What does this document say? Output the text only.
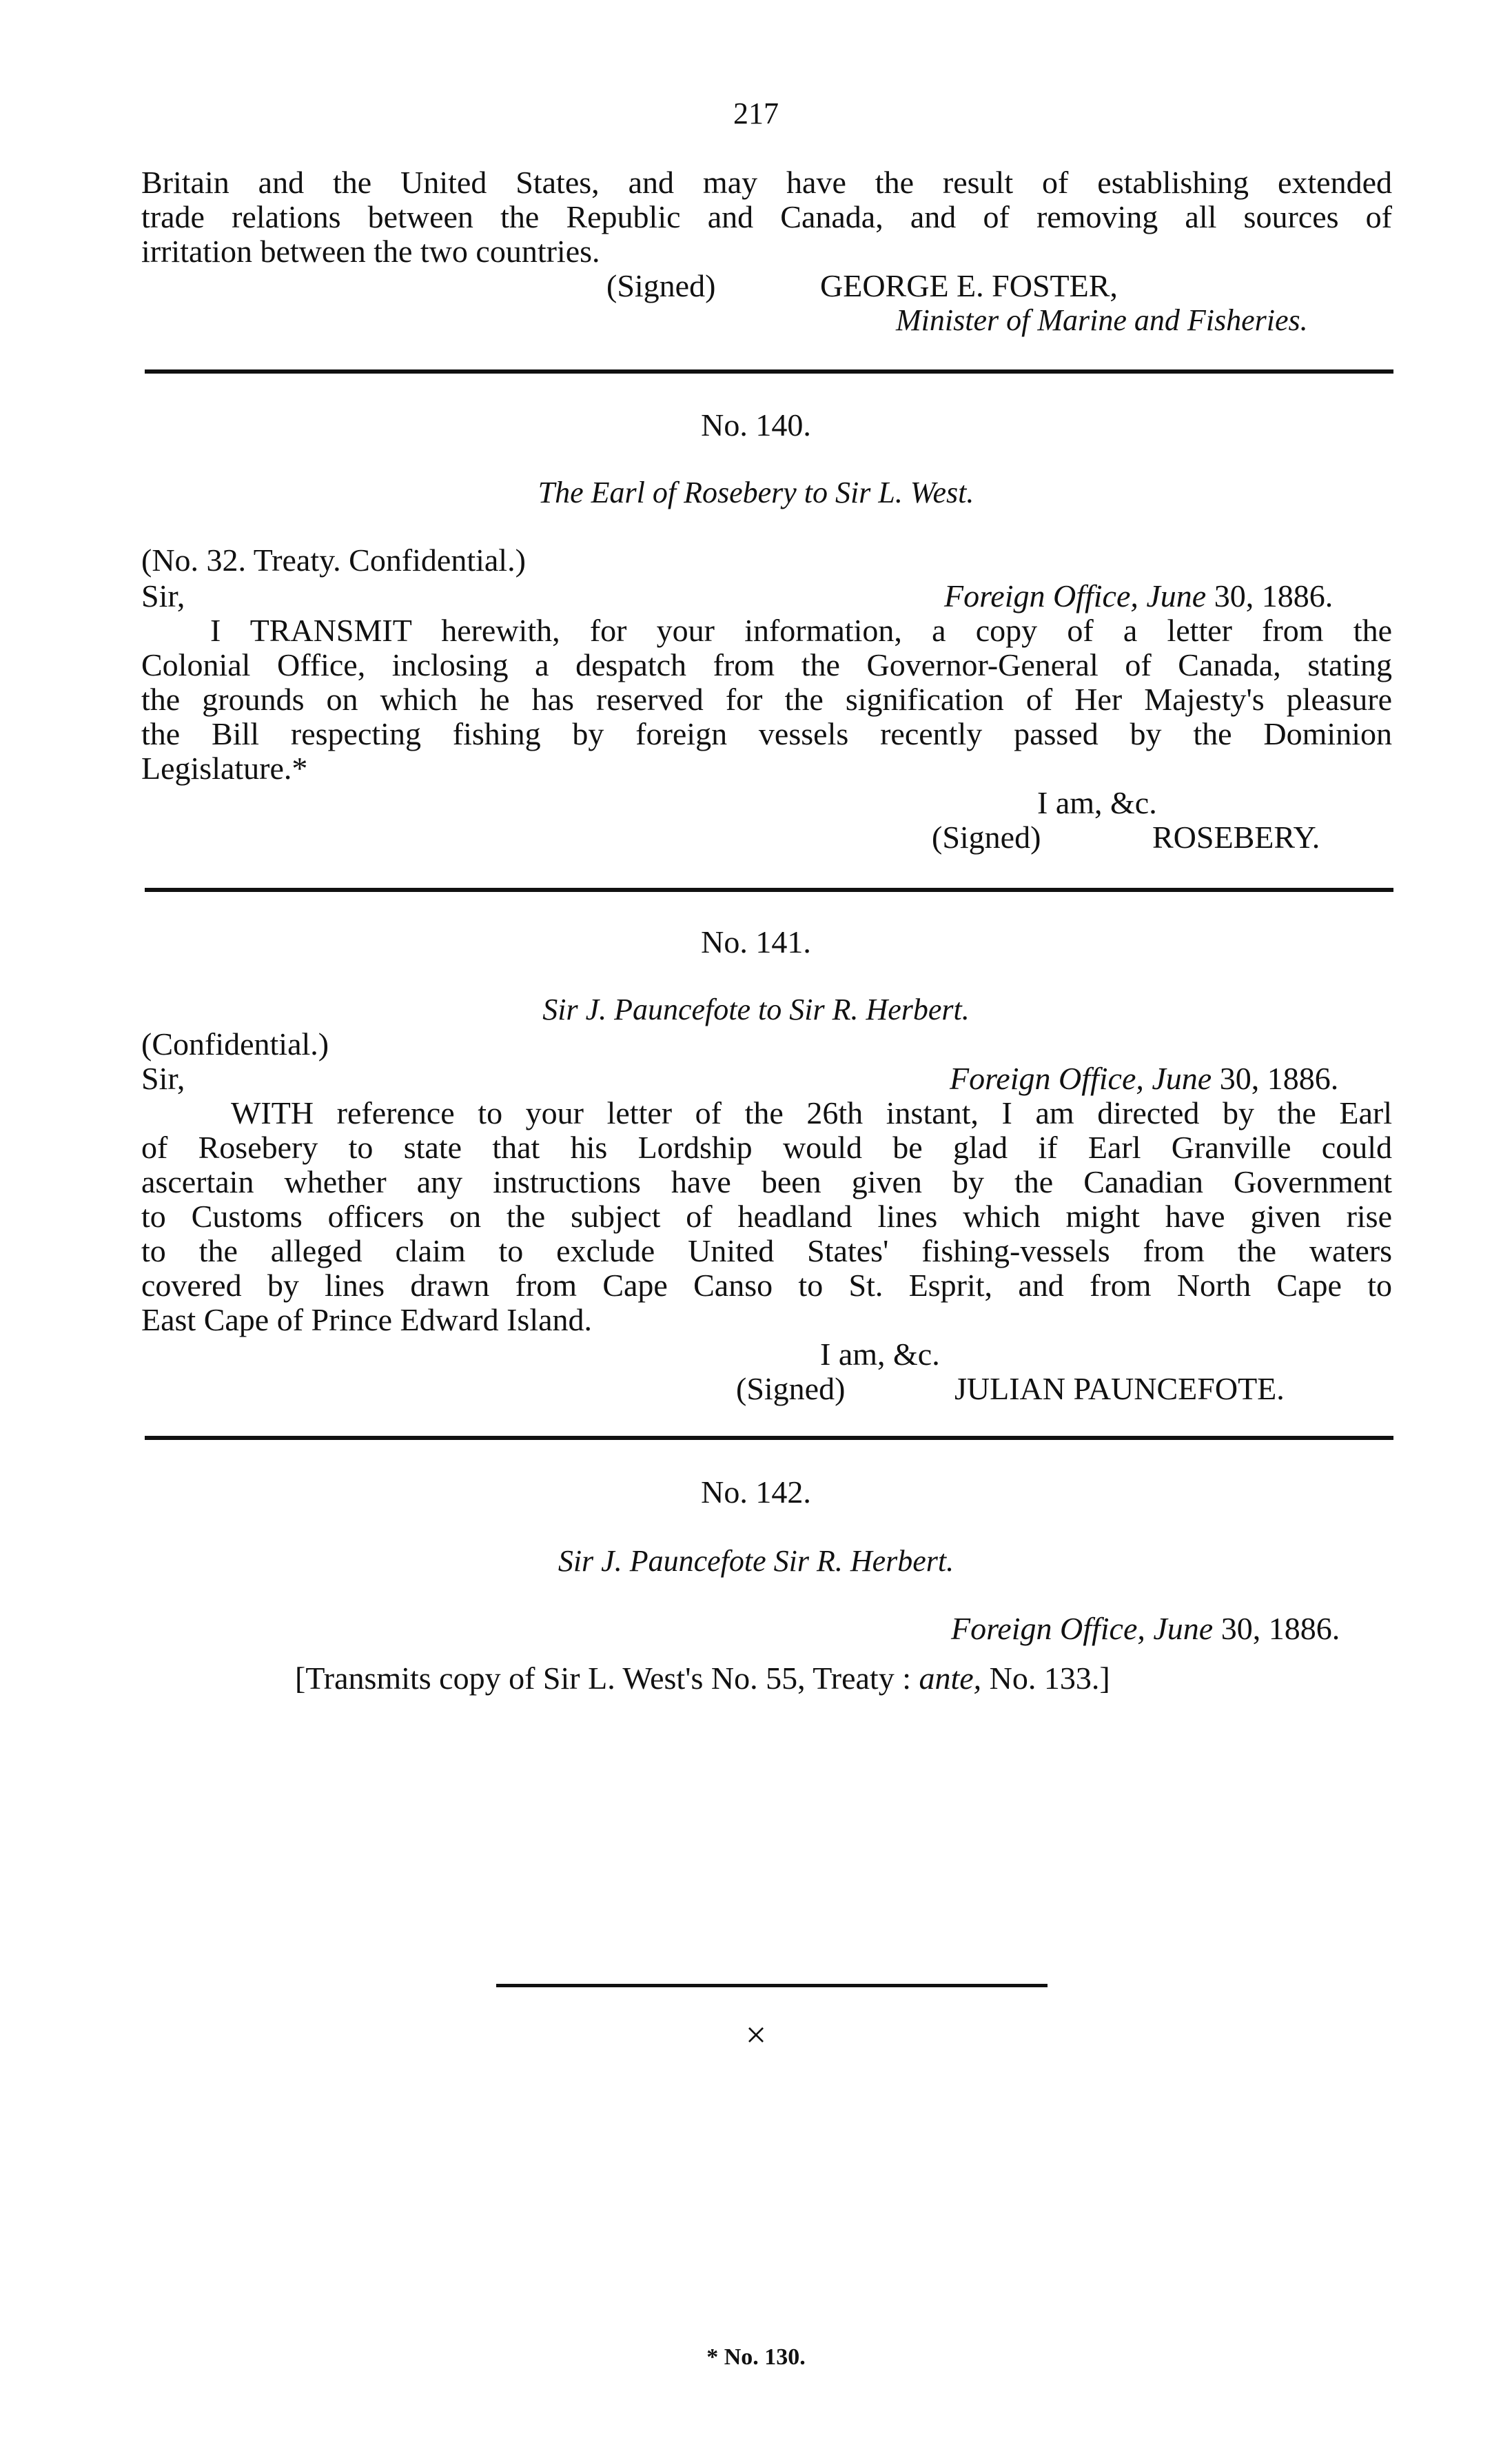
217
Britain and the United States, and may have the result of establishing extended
trade relations between the Republic and Canada, and of removing all sources of
irritation between the two countries.
(Signed)	GEORGE E. FOSTER,
Minister of Marine and Fisheries.
No. 140.
The Earl of Rosebery to Sir L. West.
(No. 32. Treaty. Confidential.)
Sir,	Foreign Office, June 30, 1886.
I TRANSMIT herewith, for your information, a copy of a letter from the
Colonial Office, inclosing a despatch from the Governor-General of Canada, stating
the grounds on which he has reserved for the signification of Her Majesty's pleasure
the Bill respecting fishing by foreign vessels recently passed by the Dominion
Legislature.*
I am, &c.
(Signed)	ROSEBERY.
No. 141.
Sir J. Pauncefote to Sir R. Herbert.
(Confidential.)
Sir,	Foreign Office, June 30, 1886.
WITH reference to your letter of the 26th instant, I am directed by the Earl
of Rosebery to state that his Lordship would be glad if Earl Granville could
ascertain whether any instructions have been given by the Canadian Government
to Customs officers on the subject of headland lines which might have given rise
to the alleged claim to exclude United States' fishing-vessels from the waters
covered by lines drawn from Cape Canso to St. Esprit, and from North Cape to
East Cape of Prince Edward Island.
I am, &c.
(Signed)	JULIAN PAUNCEFOTE.
No. 142.
Sir J. Pauncefote Sir R. Herbert.
Foreign Office, June 30, 1886.
[Transmits copy of Sir L. West's No. 55, Treaty : ante, No. 133.]
×
* No. 130.
